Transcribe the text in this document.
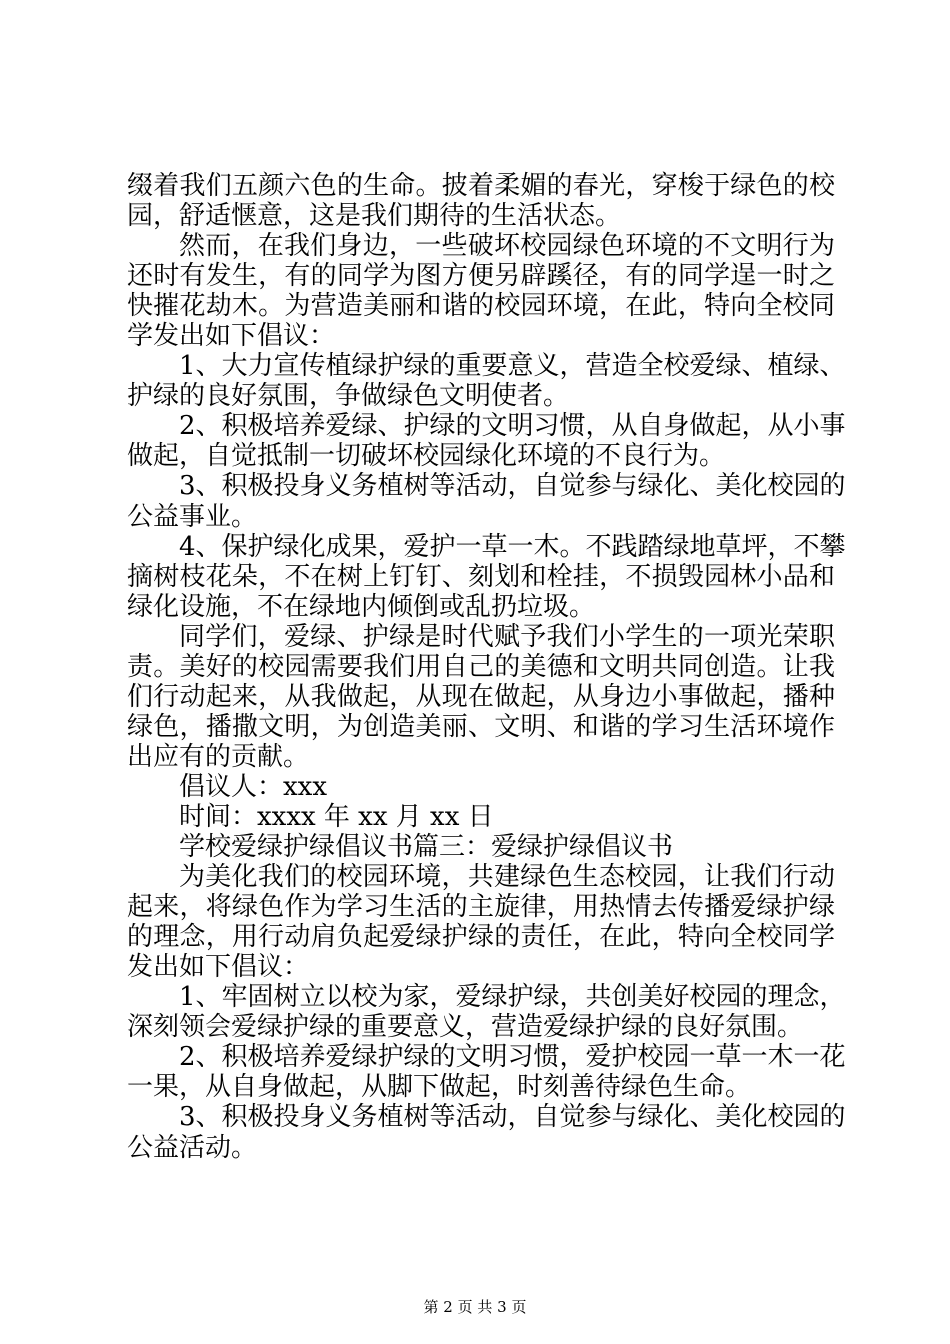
缀着我们五颜六色的生命。披着柔媚的春光，穿梭于绿色的校
园，舒适惬意，这是我们期待的生活状态。
然而，在我们身边，一些破坏校园绿色环境的不文明行为
还时有发生，有的同学为图方便另辟蹊径，有的同学逞一时之
快摧花劫木。为营造美丽和谐的校园环境，在此，特向全校同
学发出如下倡议：
1、大力宣传植绿护绿的重要意义，营造全校爱绿、植绿、
护绿的良好氛围，争做绿色文明使者。
2、积极培养爱绿、护绿的文明习惯，从自身做起，从小事
做起，自觉抵制一切破坏校园绿化环境的不良行为。
3、积极投身义务植树等活动，自觉参与绿化、美化校园的
公益事业。
4、保护绿化成果，爱护一草一木。不践踏绿地草坪，不攀
摘树枝花朵，不在树上钉钉、刻划和栓挂，不损毁园林小品和
绿化设施，不在绿地内倾倒或乱扔垃圾。
同学们，爱绿、护绿是时代赋予我们小学生的一项光荣职
责。美好的校园需要我们用自己的美德和文明共同创造。让我
们行动起来，从我做起，从现在做起，从身边小事做起，播种
绿色，播撒文明，为创造美丽、文明、和谐的学习生活环境作
出应有的贡献。
倡议人：xxx
时间：xxxx 年 xx 月 xx 日
学校爱绿护绿倡议书篇三：爱绿护绿倡议书
为美化我们的校园环境，共建绿色生态校园，让我们行动
起来，将绿色作为学习生活的主旋律，用热情去传播爱绿护绿
的理念，用行动肩负起爱绿护绿的责任，在此，特向全校同学
发出如下倡议：
1、牢固树立以校为家，爱绿护绿，共创美好校园的理念，
深刻领会爱绿护绿的重要意义，营造爱绿护绿的良好氛围。
2、积极培养爱绿护绿的文明习惯，爱护校园一草一木一花
一果，从自身做起，从脚下做起，时刻善待绿色生命。
3、积极投身义务植树等活动，自觉参与绿化、美化校园的
公益活动。
第 2 页 共 3 页
